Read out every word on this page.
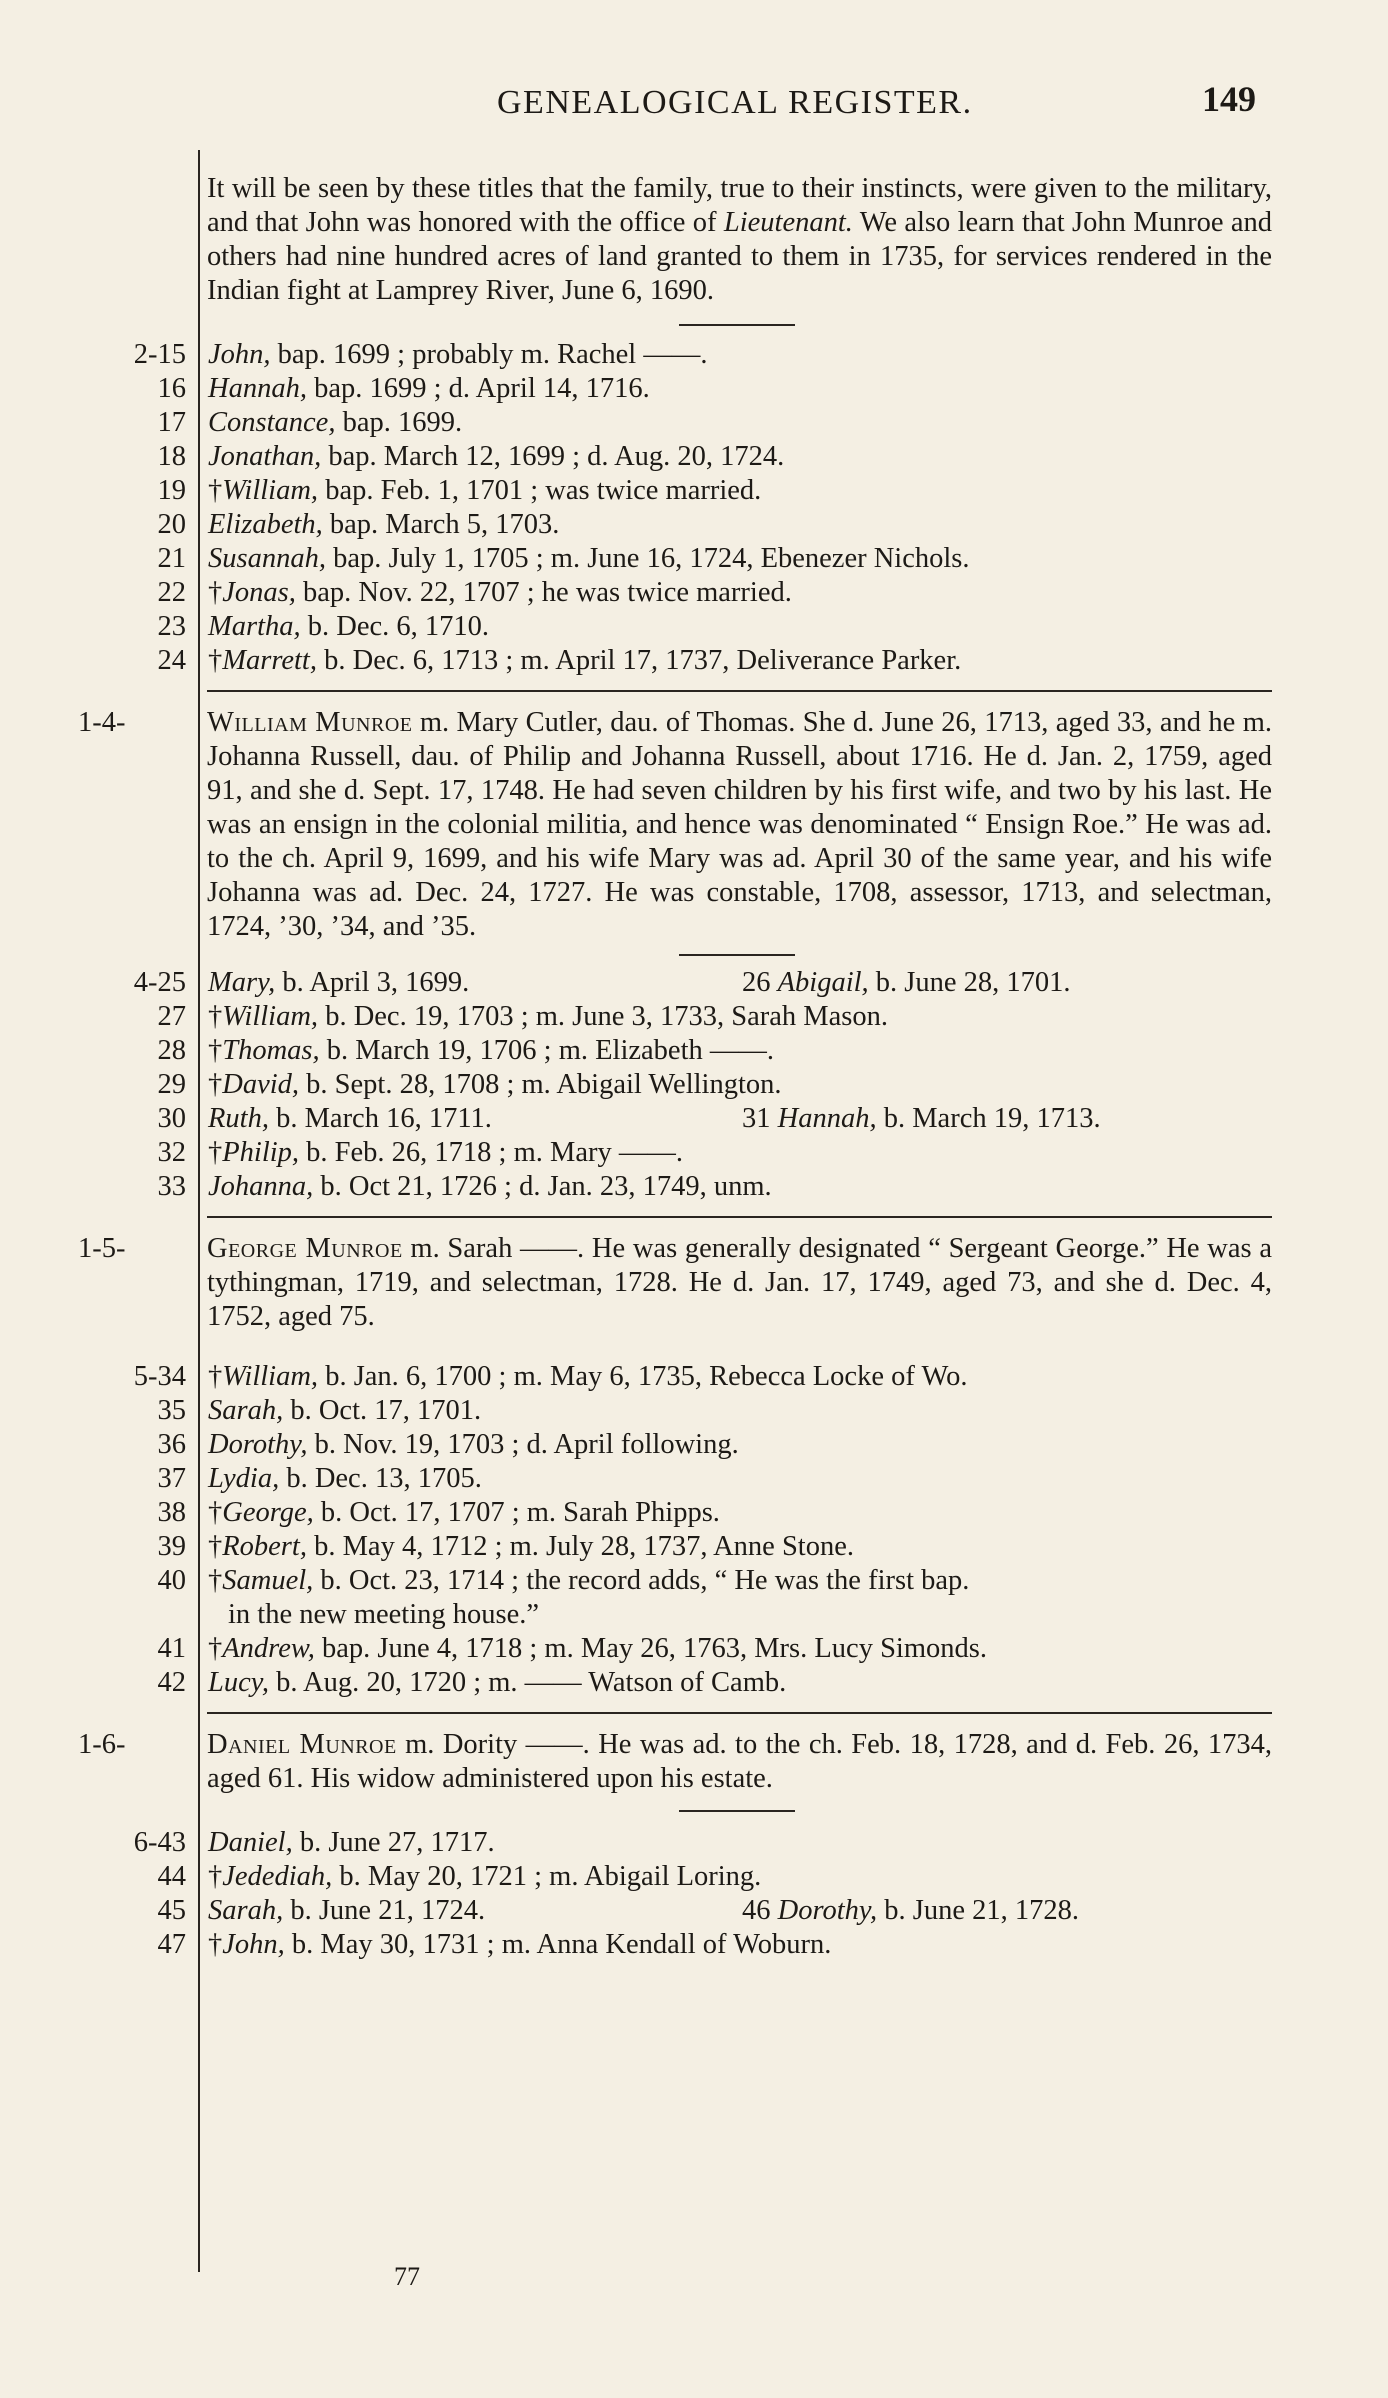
GENEALOGICAL REGISTER.	149

It will be seen by these titles that the family, true to their instincts, were given to the military, and that John was honored with the office of Lieutenant. We also learn that John Munroe and others had nine hundred acres of land granted to them in 1735, for services rendered in the Indian fight at Lamprey River, June 6, 1690.

2-15 John, bap. 1699 ; probably m. Rachel ——.
16 Hannah, bap. 1699 ; d. April 14, 1716.
17 Constance, bap. 1699.
18 Jonathan, bap. March 12, 1699 ; d. Aug. 20, 1724.
19 †William, bap. Feb. 1, 1701 ; was twice married.
20 Elizabeth, bap. March 5, 1703.
21 Susannah, bap. July 1, 1705 ; m. June 16, 1724, Ebenezer Nichols.
22 †Jonas, bap. Nov. 22, 1707 ; he was twice married.
23 Martha, b. Dec. 6, 1710.
24 †Marrett, b. Dec. 6, 1713 ; m. April 17, 1737, Deliverance Parker.
1-4-	William Munroe m. Mary Cutler, dau. of Thomas. She d. June 26, 1713, aged 33, and he m. Johanna Russell, dau. of Philip and Johanna Russell, about 1716. He d. Jan. 2, 1759, aged 91, and she d. Sept. 17, 1748. He had seven children by his first wife, and two by his last. He was an ensign in the colonial militia, and hence was denominated “ Ensign Roe.” He was ad. to the ch. April 9, 1699, and his wife Mary was ad. April 30 of the same year, and his wife Johanna was ad. Dec. 24, 1727. He was constable, 1708, assessor, 1713, and selectman, 1724, ’30, ’34, and ’35.

4-25 Mary, b. April 3, 1699.	26 Abigail, b. June 28, 1701.
27 †William, b. Dec. 19, 1703 ; m. June 3, 1733, Sarah Mason.
28 †Thomas, b. March 19, 1706 ; m. Elizabeth ——.
29 †David, b. Sept. 28, 1708 ; m. Abigail Wellington.
30 Ruth, b. March 16, 1711.	31 Hannah, b. March 19, 1713.
32 †Philip, b. Feb. 26, 1718 ; m. Mary ——.
33 Johanna, b. Oct 21, 1726 ; d. Jan. 23, 1749, unm.
1-5-	George Munroe m. Sarah ——. He was generally designated “ Sergeant George.” He was a tythingman, 1719, and selectman, 1728. He d. Jan. 17, 1749, aged 73, and she d. Dec. 4, 1752, aged 75.

5-34 †William, b. Jan. 6, 1700 ; m. May 6, 1735, Rebecca Locke of Wo.
35 Sarah, b. Oct. 17, 1701.
36 Dorothy, b. Nov. 19, 1703 ; d. April following.
37 Lydia, b. Dec. 13, 1705.
38 †George, b. Oct. 17, 1707 ; m. Sarah Phipps.
39 †Robert, b. May 4, 1712 ; m. July 28, 1737, Anne Stone.
40 †Samuel, b. Oct. 23, 1714 ; the record adds, “ He was the first bap.
in the new meeting house.”
41 †Andrew, bap. June 4, 1718 ; m. May 26, 1763, Mrs. Lucy Simonds.
42 Lucy, b. Aug. 20, 1720 ; m. —— Watson of Camb.
1-6-	Daniel Munroe m. Dority ——. He was ad. to the ch. Feb. 18, 1728, and d. Feb. 26, 1734, aged 61. His widow administered upon his estate.

6-43 Daniel, b. June 27, 1717.
44 †Jedediah, b. May 20, 1721 ; m. Abigail Loring.
45 Sarah, b. June 21, 1724.	46 Dorothy, b. June 21, 1728.
47 †John, b. May 30, 1731 ; m. Anna Kendall of Woburn.
77
